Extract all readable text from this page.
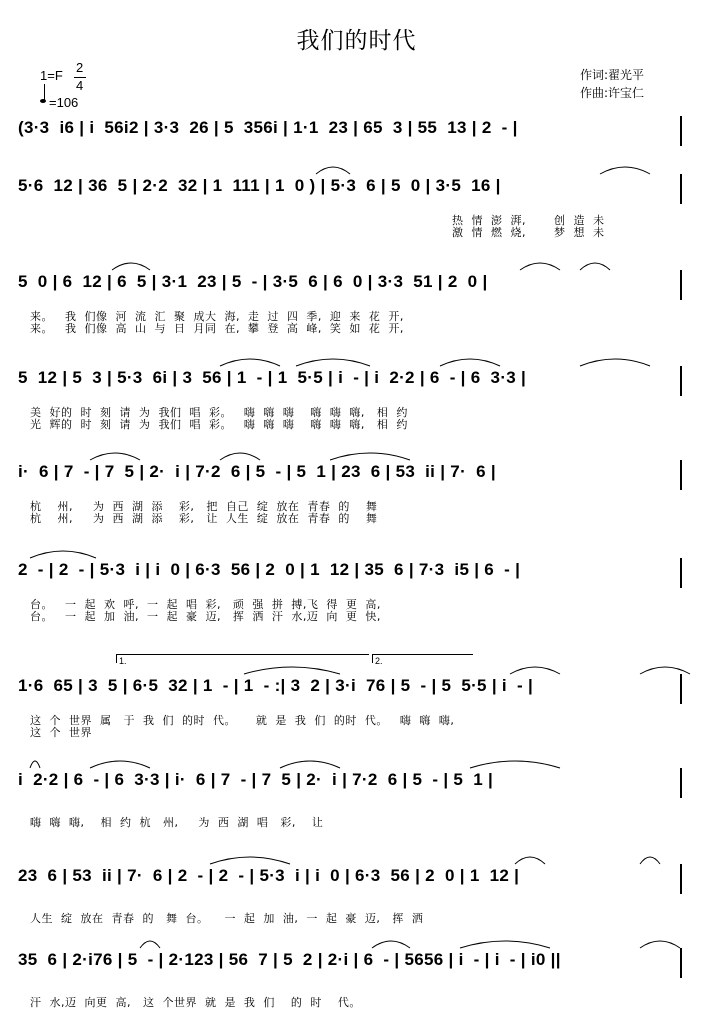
我们的时代
1=F
2
4
=106
作词:翟光平
作曲:许宝仁
(3·3  i6 | i  56i2 | 3·3  26 | 5  356i | 1·1  23 | 65  3 | 55  13 | 2  - |
5·6  12 | 36  5 | 2·2  32 | 1  111 | 1  0 ) | 5·3  6 | 5  0 | 3·5  16 |
热  情  澎  湃,       创  造  未
激  情  燃  烧,       梦  想  未
5  0 | 6  12 | 6  5 | 3·1  23 | 5  - | 3·5  6 | 6  0 | 3·3  51 | 2  0 |
来。   我  们像  河  流  汇  聚  成大  海,  走  过  四  季,  迎  来  花  开,
来。   我  们像  高  山  与  日  月同  在,  攀  登  高  峰,  笑  如  花  开,
5  12 | 5  3 | 5·3  6i | 3  56 | 1  - | 1  5·5 | i  - | i  2·2 | 6  - | 6  3·3 |
美  好的  时  刻  请  为  我们  唱  彩。   嗨  嗨  嗨    嗨  嗨  嗨,   相  约
光  辉的  时  刻  请  为  我们  唱  彩。   嗨  嗨  嗨    嗨  嗨  嗨,   相  约
i·  6 | 7  - | 7  5 | 2·  i | 7·2  6 | 5  - | 5  1 | 23  6 | 53  ii | 7·  6 |
杭    州,     为  西  湖  添    彩,   把  自己  绽  放在  青春  的    舞
杭    州,     为  西  湖  添    彩,   让  人生  绽  放在  青春  的    舞
2  - | 2  - | 5·3  i | i  0 | 6·3  56 | 2  0 | 1  12 | 35  6 | 7·3  i5 | 6  - |
台。   一  起  欢  呼,  一  起  唱  彩,   顽  强  拼  搏,飞  得  更  高,
台。   一  起  加  油,  一  起  豪  迈,   挥  洒  汗  水,迈  向  更  快,
1·6  65 | 3  5 | 6·5  32 | 1  - | 1  - :| 3  2 | 3·i  76 | 5  - | 5  5·5 | i  - |
这  个  世界  属   于  我  们  的时  代。     就  是  我  们  的时  代。   嗨  嗨  嗨,
这  个  世界
1.	2.
i  2·2 | 6  - | 6  3·3 | i·  6 | 7  - | 7  5 | 2·  i | 7·2  6 | 5  - | 5  1 |
嗨  嗨  嗨,    相  约  杭   州,     为  西  湖  唱   彩,    让
23  6 | 53  ii | 7·  6 | 2  - | 2  - | 5·3  i | i  0 | 6·3  56 | 2  0 | 1  12 |
人生  绽  放在  青春  的   舞  台。    一  起  加  油,  一  起  豪  迈,   挥  洒
35  6 | 2·i76 | 5  - | 2·123 | 56  7 | 5  2 | 2·i | 6  - | 5656 | i  - | i  - | i0 ||
汗  水,迈  向更  高,   这  个世界  就  是  我  们    的  时    代。
